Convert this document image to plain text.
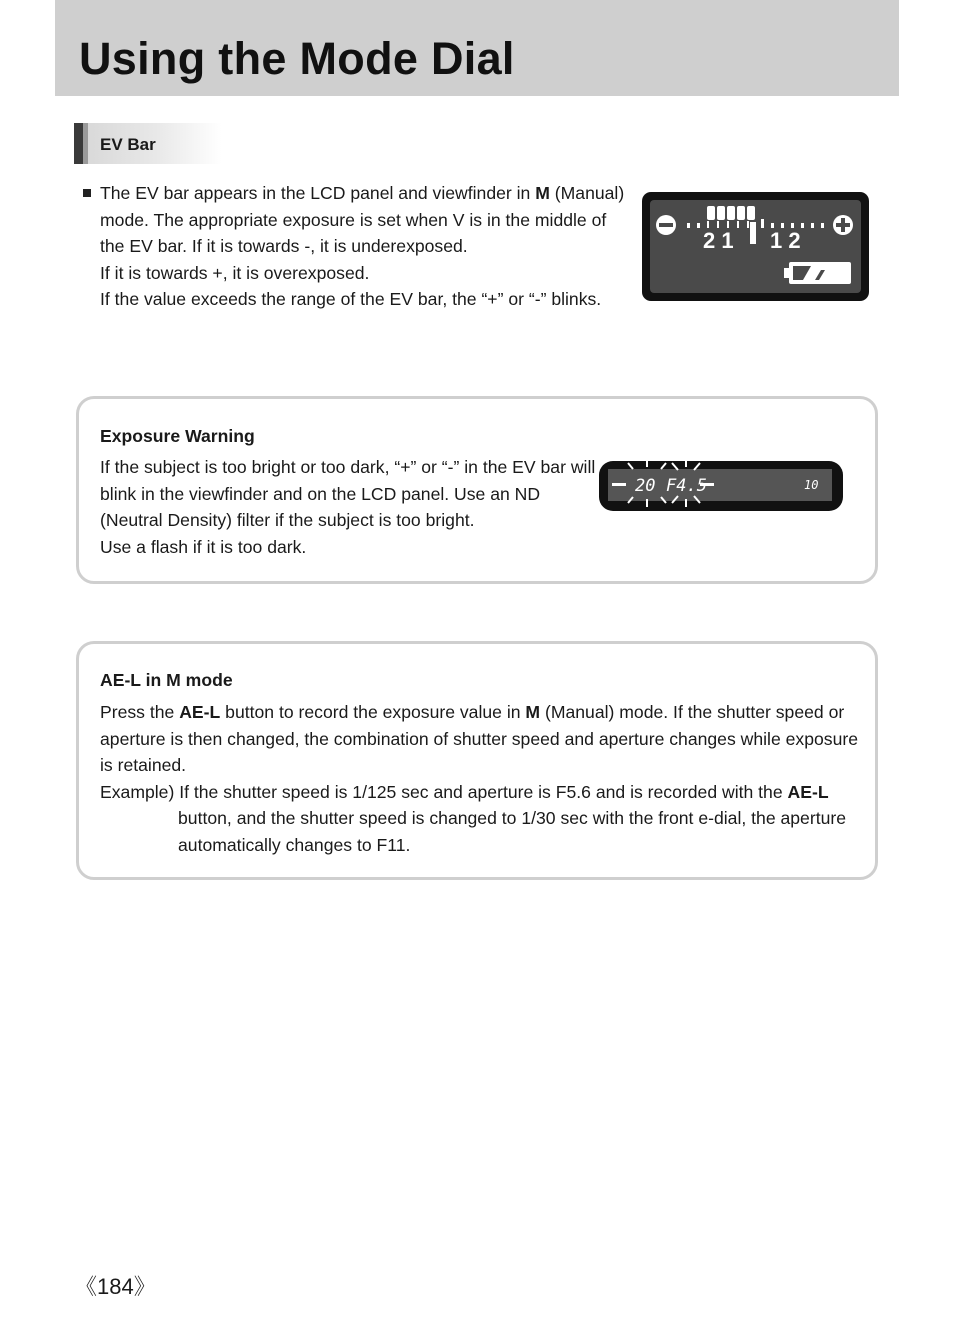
Using the Mode Dial
EV Bar

The EV bar appears in the LCD panel and viewfinder in M (Manual)

mode. The appropriate exposure is set when V is in the middle of

the EV bar. If it is towards -, it is underexposed.

If it is towards +, it is overexposed.

If the value exceeds the range of the EV bar, the “+” or “-” blinks.

2 1 1 2
Exposure Warning

If the subject is too bright or too dark, “+” or “-” in the EV bar will

blink in the viewfinder and on the LCD panel. Use an ND

(Neutral Density) filter if the subject is too bright.

Use a flash if it is too dark.

20 F4.5	10
AE-L in M mode

Press the AE-L button to record the exposure value in M (Manual) mode. If the shutter speed or

aperture is then changed, the combination of shutter speed and aperture changes while exposure

is retained.

Example) If the shutter speed is 1/125 sec and aperture is F5.6 and is recorded with the AE-L

button, and the shutter speed is changed to 1/30 sec with the front e-dial, the aperture

automatically changes to F11.

《184》
